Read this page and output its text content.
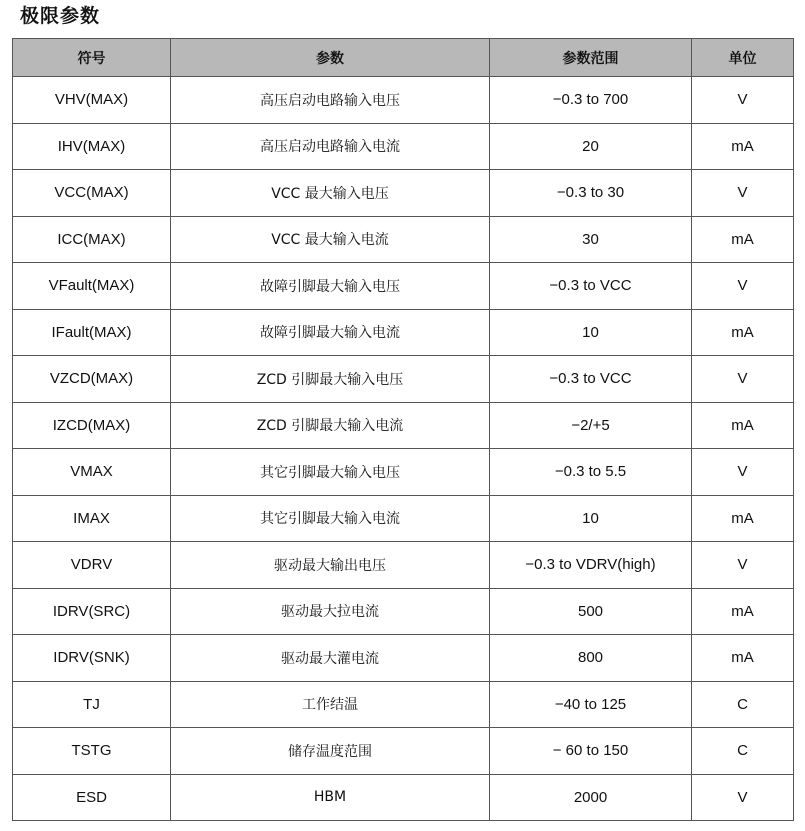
极限参数
符号	参数	参数范围	单位
VHV(MAX)	高压启动电路输入电压	−0.3 to 700	V
IHV(MAX)	高压启动电路输入电流	20	mA
VCC(MAX)	VCC 最大输入电压	−0.3 to 30	V
ICC(MAX)	VCC 最大输入电流	30	mA
VFault(MAX)	故障引脚最大输入电压	−0.3 to VCC	V
IFault(MAX)	故障引脚最大输入电流	10	mA
VZCD(MAX)	ZCD 引脚最大输入电压	−0.3 to VCC	V
IZCD(MAX)	ZCD 引脚最大输入电流	−2/+5	mA
VMAX	其它引脚最大输入电压	−0.3 to 5.5	V
IMAX	其它引脚最大输入电流	10	mA
VDRV	驱动最大输出电压	−0.3 to VDRV(high)	V
IDRV(SRC)	驱动最大拉电流	500	mA
IDRV(SNK)	驱动最大灌电流	800	mA
TJ	工作结温	−40 to 125	C
TSTG	储存温度范围	− 60 to 150	C
ESD	HBM	2000	V
